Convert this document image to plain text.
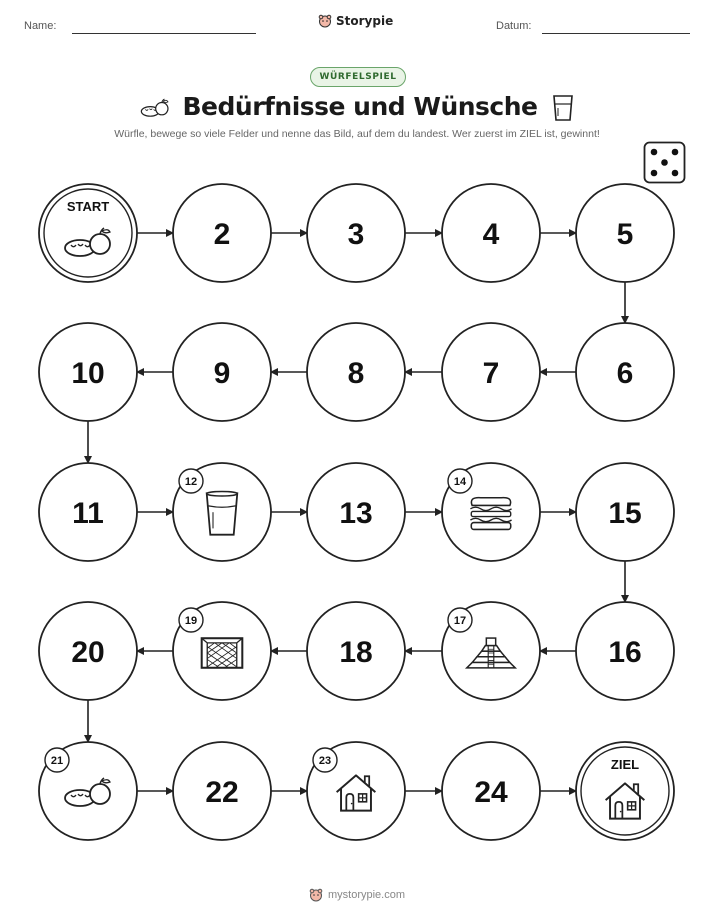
Name:	Storypie	Datum:
WÜRFELSPIEL
Bedürfnisse und Wünsche
Würfle, bewege so viele Felder und nenne das Bild, auf dem du landest. Wer zuerst im ZIEL ist, gewinnt!
START
2	3	4	5
6
7
8
9
10
11
12
13
14
15
16
17
18
19
20
21
22
23
24
ZIEL
mystorypie.com
